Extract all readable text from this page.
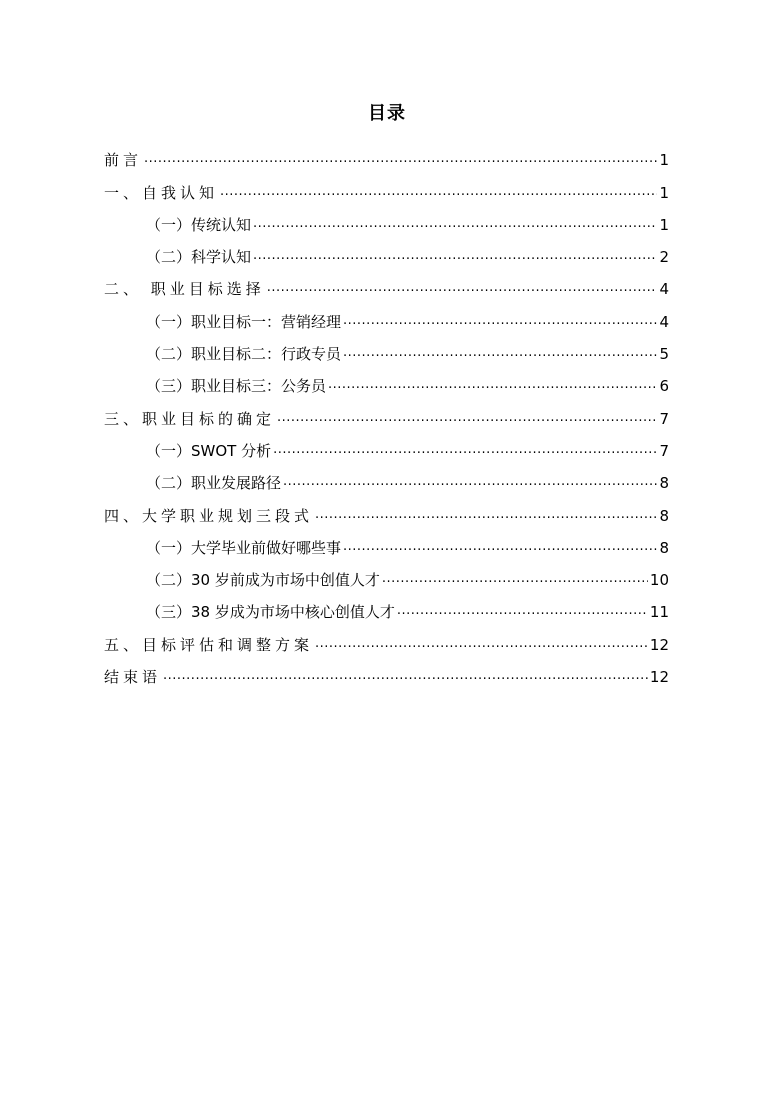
目录
前言 .....	1
一、自我认知 .....	1
（一）传统认知 .....	1
（二）科学认知 .....	2
二、 职业目标选择 .....	4
（一）职业目标一：营销经理 .....	4
（二）职业目标二：行政专员 .....	5
（三）职业目标三：公务员 .....	6
三、职业目标的确定 .....	7
（一）SWOT 分析 .....	7
（二）职业发展路径 .....	8
四、大学职业规划三段式 .....	8
（一）大学毕业前做好哪些事 .....	8
（二）30 岁前成为市场中创值人才 .....	10
（三）38 岁成为市场中核心创值人才 .....	11
五、目标评估和调整方案 .....	12
结束语 .....	12
